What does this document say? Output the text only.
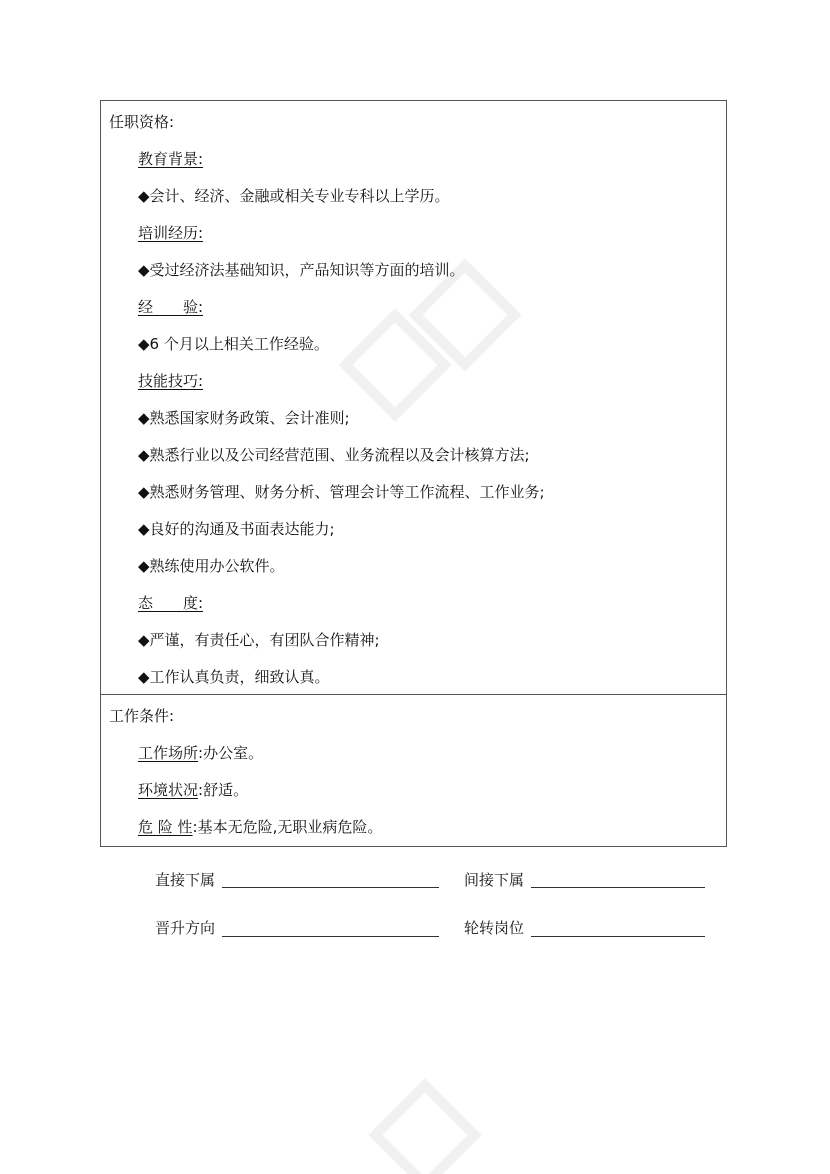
任职资格:
教育背景:
◆会计、经济、金融或相关专业专科以上学历。
培训经历:
◆受过经济法基础知识，产品知识等方面的培训。
经　　验:
◆6 个月以上相关工作经验。
技能技巧:
◆熟悉国家财务政策、会计准则;
◆熟悉行业以及公司经营范围、业务流程以及会计核算方法;
◆熟悉财务管理、财务分析、管理会计等工作流程、工作业务;
◆良好的沟通及书面表达能力;
◆熟练使用办公软件。
态　　度:
◆严谨，有责任心，有团队合作精神;
◆工作认真负责，细致认真。
工作条件:
工作场所:办公室。
环境状况:舒适。
危 险 性:基本无危险,无职业病危险。
直接下属	间接下属
晋升方向	轮转岗位
